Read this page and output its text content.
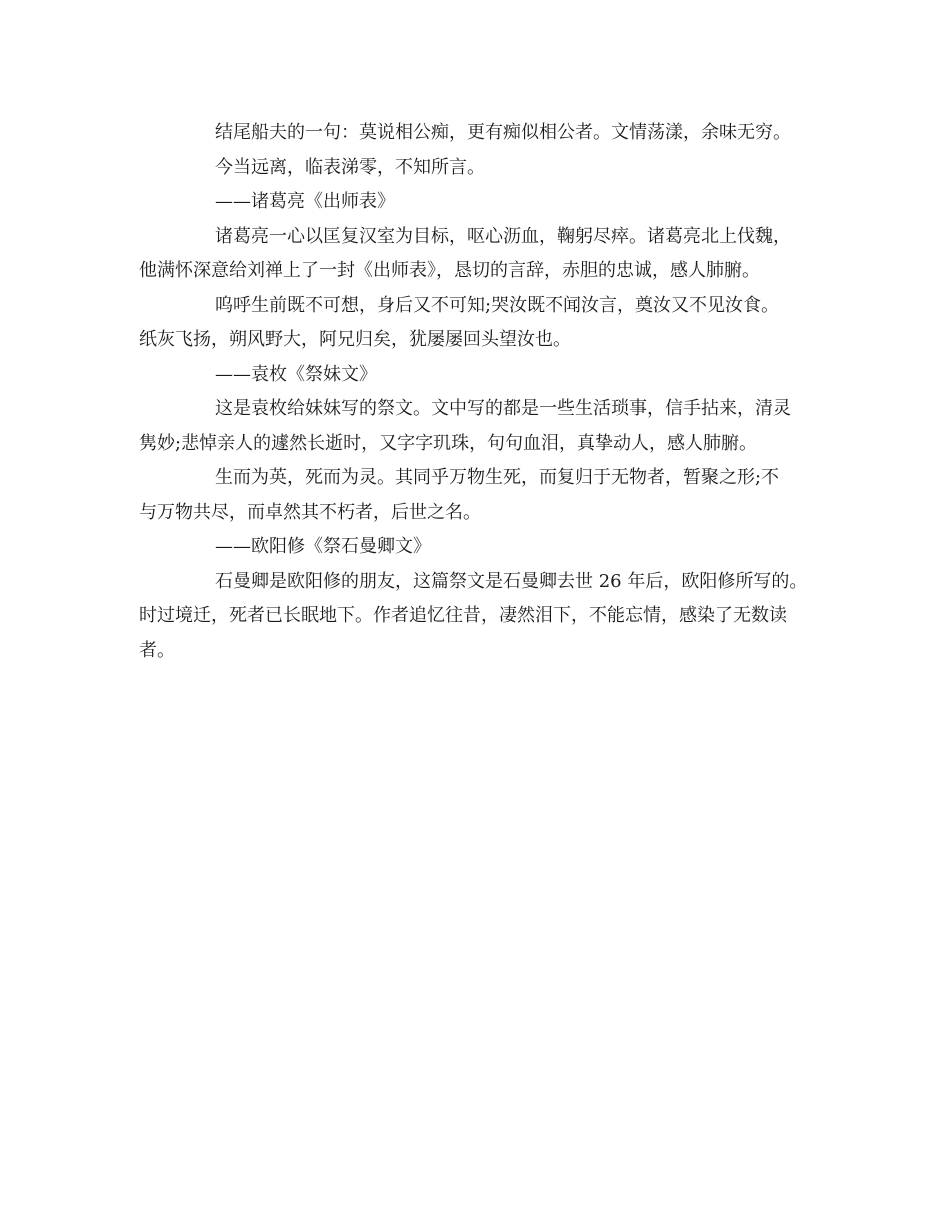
结尾船夫的一句：莫说相公痴，更有痴似相公者。文情荡漾，余味无穷。
今当远离，临表涕零，不知所言。
——诸葛亮《出师表》
诸葛亮一心以匡复汉室为目标，呕心沥血，鞠躬尽瘁。诸葛亮北上伐魏，
他满怀深意给刘禅上了一封《出师表》，恳切的言辞，赤胆的忠诚，感人肺腑。
呜呼生前既不可想，身后又不可知;哭汝既不闻汝言，奠汝又不见汝食。
纸灰飞扬，朔风野大，阿兄归矣，犹屡屡回头望汝也。
——袁枚《祭妹文》
这是袁枚给妹妹写的祭文。文中写的都是一些生活琐事，信手拈来，清灵
隽妙;悲悼亲人的遽然长逝时，又字字玑珠，句句血泪，真挚动人，感人肺腑。
生而为英，死而为灵。其同乎万物生死，而复归于无物者，暂聚之形;不
与万物共尽，而卓然其不朽者，后世之名。
——欧阳修《祭石曼卿文》
石曼卿是欧阳修的朋友，这篇祭文是石曼卿去世 26 年后，欧阳修所写的。
时过境迁，死者已长眠地下。作者追忆往昔，凄然泪下，不能忘情，感染了无数读
者。
